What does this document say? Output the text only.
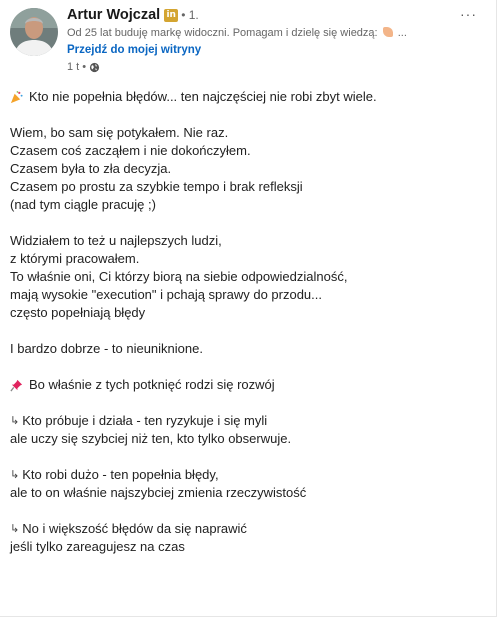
Artur Wojczal in • 1.
Od 25 lat buduję markę widoczni. Pomagam i dzielę się wiedzą: ...
Przejdź do mojej witryny
1 t •
···
Kto nie popełnia błędów... ten najczęściej nie robi zbyt wiele.
Wiem, bo sam się potykałem. Nie raz.
Czasem coś zacząłem i nie dokończyłem.
Czasem była to zła decyzja.
Czasem po prostu za szybkie tempo i brak refleksji
(nad tym ciągle pracuję ;)
Widziałem to też u najlepszych ludzi,
z którymi pracowałem.
To właśnie oni, Ci którzy biorą na siebie odpowiedzialność,
mają wysokie "execution" i pchają sprawy do przodu...
często popełniają błędy
I bardzo dobrze - to nieuniknione.
Bo właśnie z tych potknięć rodzi się rozwój
↳ Kto próbuje i działa - ten ryzykuje i się myli
ale uczy się szybciej niż ten, kto tylko obserwuje.
↳ Kto robi dużo - ten popełnia błędy,
ale to on właśnie najszybciej zmienia rzeczywistość
↳ No i większość błędów da się naprawić
jeśli tylko zareagujesz na czas
